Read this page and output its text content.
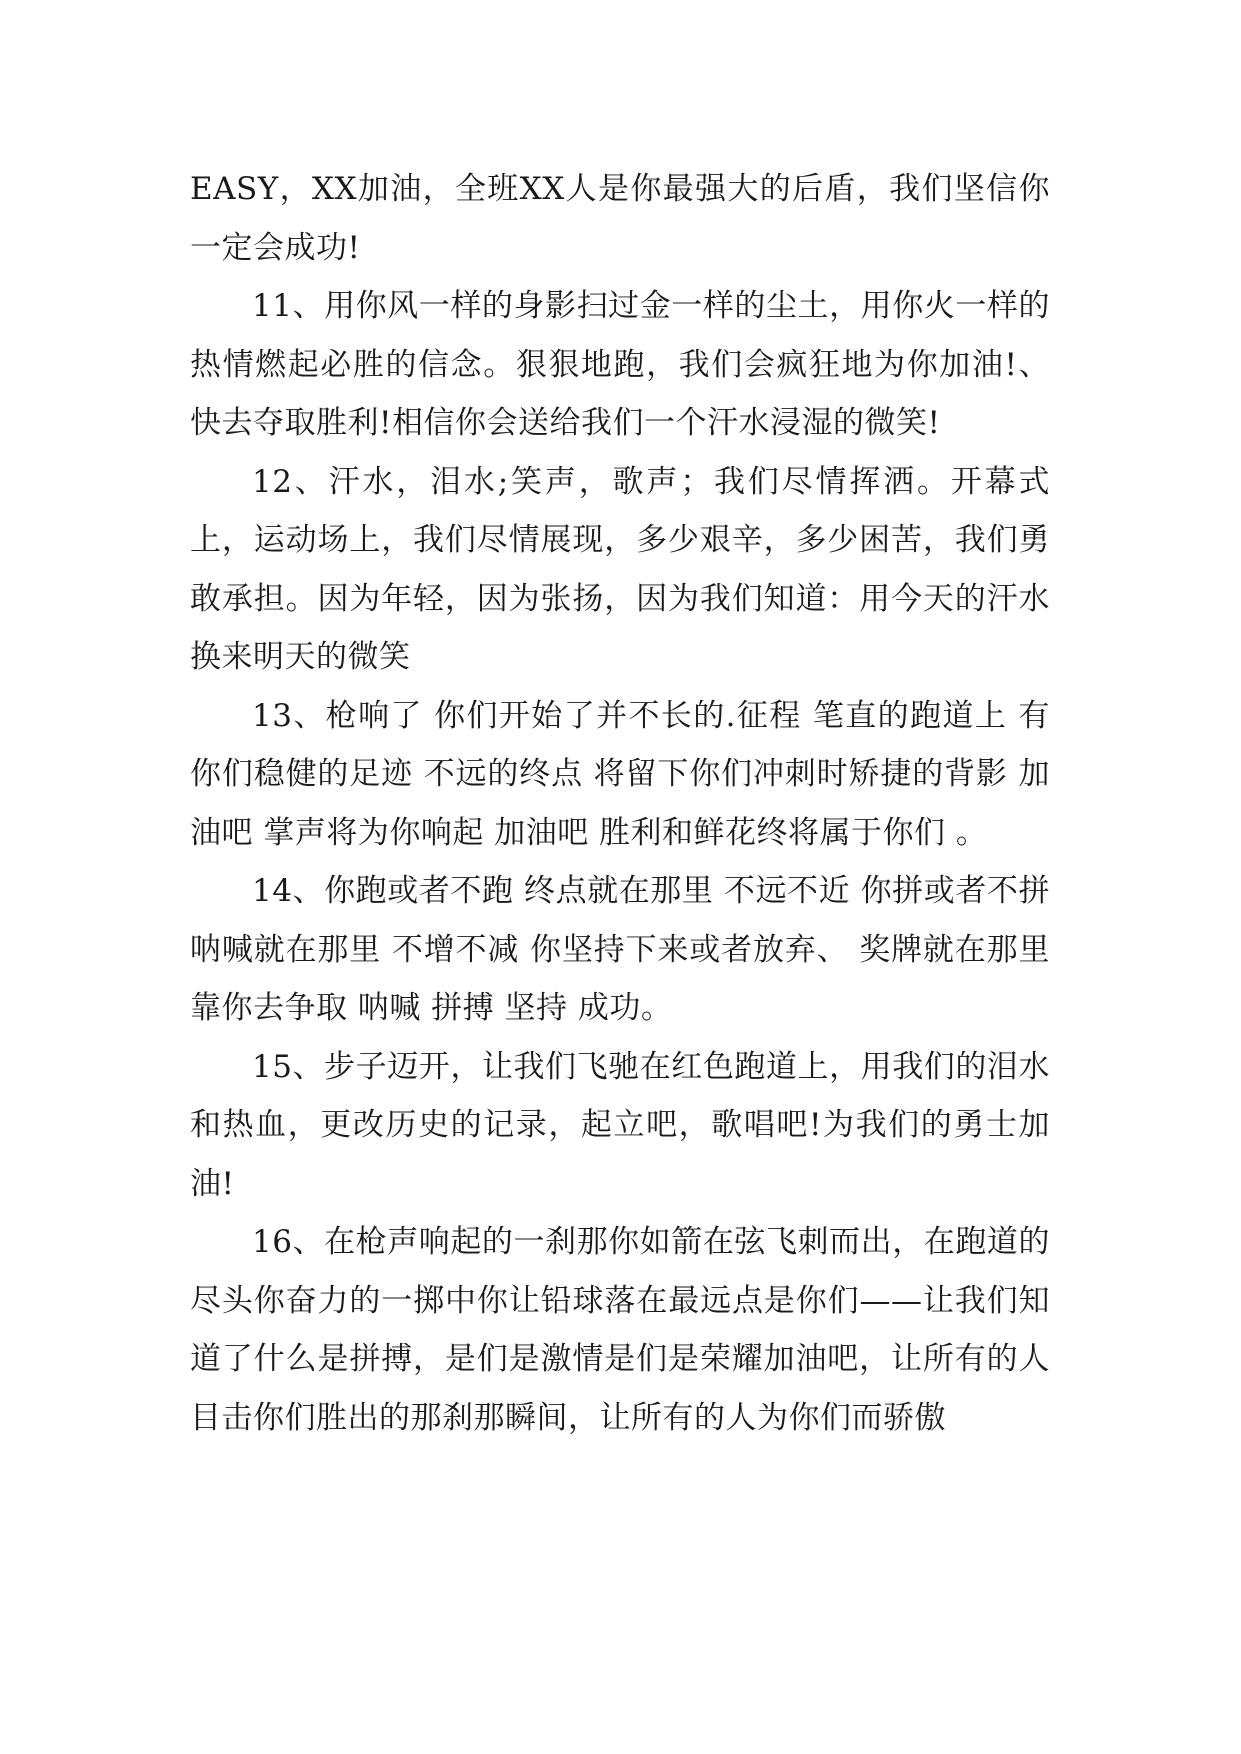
EASY，XX加油，全班XX人是你最强大的后盾，我们坚信你一定会成功!

11、用你风一样的身影扫过金一样的尘土，用你火一样的热情燃起必胜的信念。狠狠地跑，我们会疯狂地为你加油!、快去夺取胜利!相信你会送给我们一个汗水浸湿的微笑!

12、汗水，泪水;笑声，歌声；我们尽情挥洒。开幕式上，运动场上，我们尽情展现，多少艰辛，多少困苦，我们勇敢承担。因为年轻，因为张扬，因为我们知道：用今天的汗水换来明天的微笑

13、枪响了 你们开始了并不长的.征程 笔直的跑道上 有你们稳健的足迹 不远的终点 将留下你们冲刺时矫捷的背影 加油吧 掌声将为你响起 加油吧 胜利和鲜花终将属于你们 。

14、你跑或者不跑 终点就在那里 不远不近 你拼或者不拼 呐喊就在那里 不增不减 你坚持下来或者放弃、 奖牌就在那里 靠你去争取 呐喊 拼搏 坚持 成功。

15、步子迈开，让我们飞驰在红色跑道上，用我们的泪水和热血，更改历史的记录，起立吧，歌唱吧!为我们的勇士加油!

16、在枪声响起的一刹那你如箭在弦飞刺而出，在跑道的尽头你奋力的一掷中你让铅球落在最远点是你们——让我们知道了什么是拼搏，是们是激情是们是荣耀加油吧，让所有的人目击你们胜出的那刹那瞬间，让所有的人为你们而骄傲
